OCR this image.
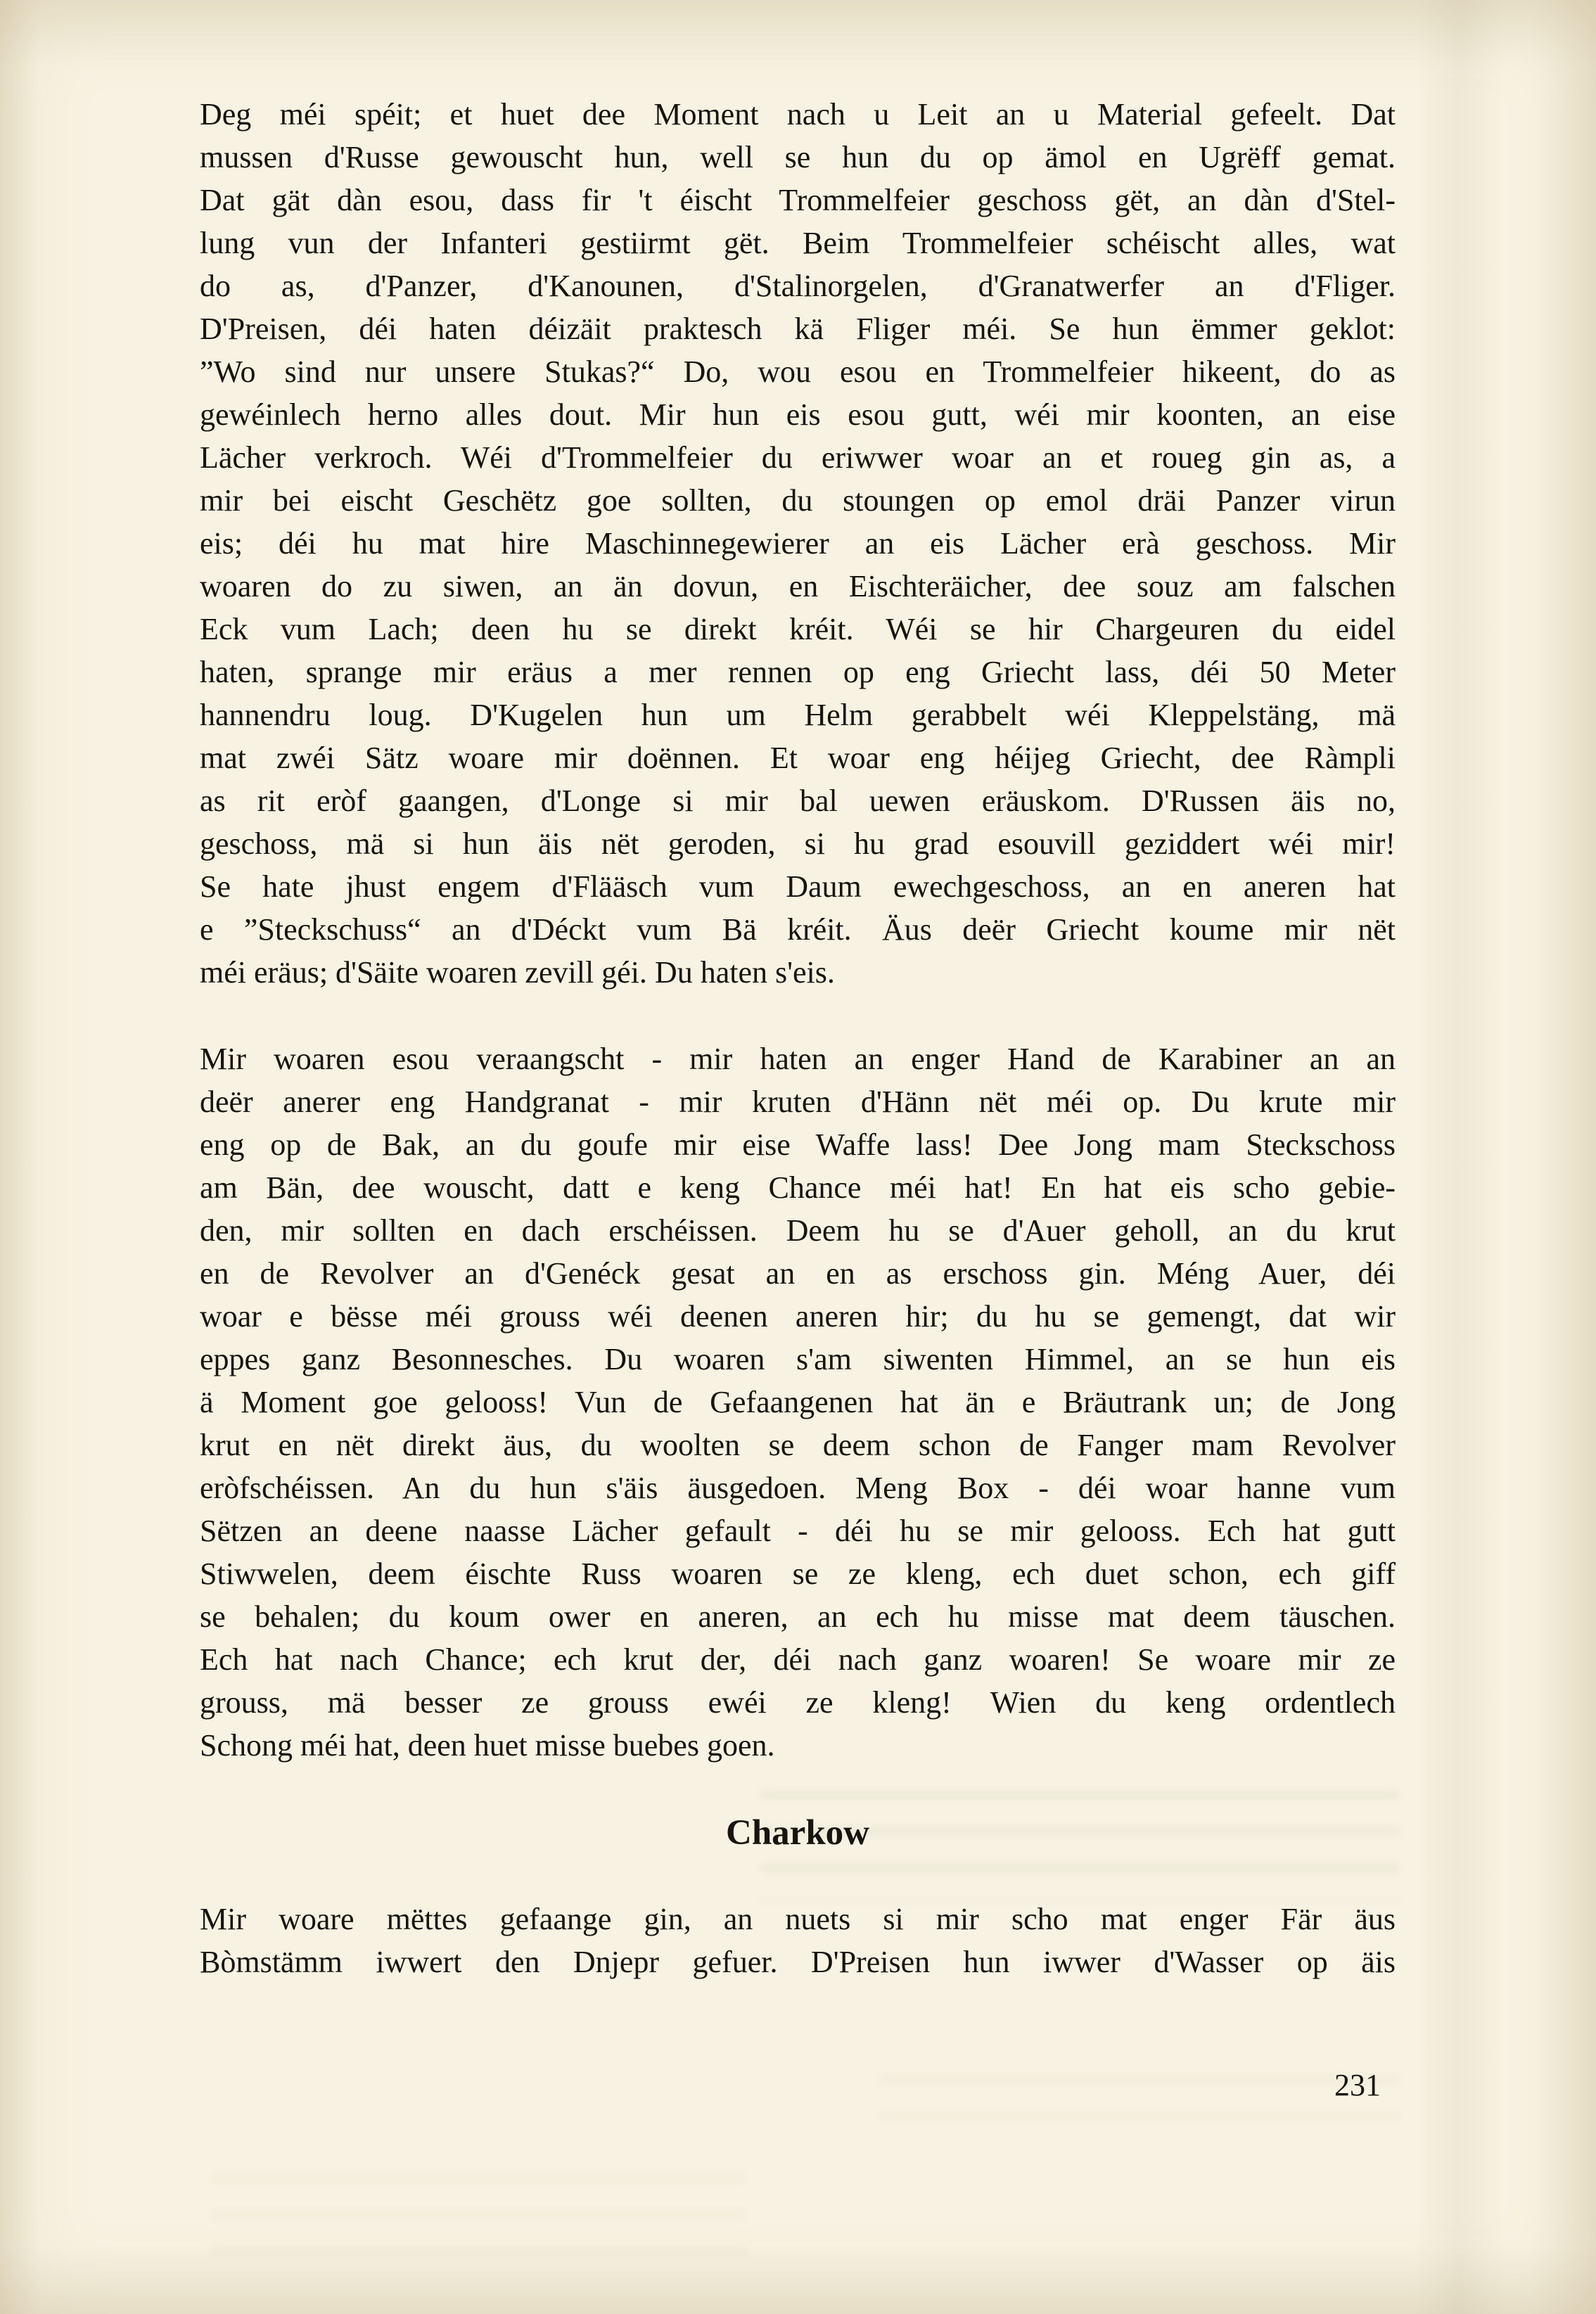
Deg méi spéit; et huet dee Moment nach u Leit an u Material gefeelt. Dat
mussen d'Russe gewouscht hun, well se hun du op ämol en Ugrëff gemat.
Dat gät dàn esou, dass fir 't éischt Trommelfeier geschoss gët, an dàn d'Stel-
lung vun der Infanteri gestiirmt gët. Beim Trommelfeier schéischt alles, wat
do as, d'Panzer, d'Kanounen, d'Stalinorgelen, d'Granatwerfer an d'Fliger.
D'Preisen, déi haten déizäit praktesch kä Fliger méi. Se hun ëmmer geklot:
”Wo sind nur unsere Stukas?“ Do, wou esou en Trommelfeier hikeent, do as
gewéinlech herno alles dout. Mir hun eis esou gutt, wéi mir koonten, an eise
Lächer verkroch. Wéi d'Trommelfeier du eriwwer woar an et roueg gin as, a
mir bei eischt Geschëtz goe sollten, du stoungen op emol dräi Panzer virun
eis; déi hu mat hire Maschinnegewierer an eis Lächer erà geschoss. Mir
woaren do zu siwen, an än dovun, en Eischteräicher, dee souz am falschen
Eck vum Lach; deen hu se direkt kréit. Wéi se hir Chargeuren du eidel
haten, sprange mir eräus a mer rennen op eng Griecht lass, déi 50 Meter
hannendru loug. D'Kugelen hun um Helm gerabbelt wéi Kleppelstäng, mä
mat zwéi Sätz woare mir doënnen. Et woar eng héijeg Griecht, dee Ràmpli
as rit eròf gaangen, d'Longe si mir bal uewen eräuskom. D'Russen äis no,
geschoss, mä si hun äis nët geroden, si hu grad esouvill geziddert wéi mir!
Se hate jhust engem d'Flääsch vum Daum ewechgeschoss, an en aneren hat
e ”Steckschuss“ an d'Déckt vum Bä kréit. Äus deër Griecht koume mir nët
méi eräus; d'Säite woaren zevill géi. Du haten s'eis.
Mir woaren esou veraangscht - mir haten an enger Hand de Karabiner an an
deër anerer eng Handgranat - mir kruten d'Hänn nët méi op. Du krute mir
eng op de Bak, an du goufe mir eise Waffe lass! Dee Jong mam Steckschoss
am Bän, dee wouscht, datt e keng Chance méi hat! En hat eis scho gebie-
den, mir sollten en dach erschéissen. Deem hu se d'Auer geholl, an du krut
en de Revolver an d'Genéck gesat an en as erschoss gin. Méng Auer, déi
woar e bësse méi grouss wéi deenen aneren hir; du hu se gemengt, dat wir
eppes ganz Besonnesches. Du woaren s'am siwenten Himmel, an se hun eis
ä Moment goe gelooss! Vun de Gefaangenen hat än e Bräutrank un; de Jong
krut en nët direkt äus, du woolten se deem schon de Fanger mam Revolver
eròfschéissen. An du hun s'äis äusgedoen. Meng Box - déi woar hanne vum
Sëtzen an deene naasse Lächer gefault - déi hu se mir gelooss. Ech hat gutt
Stiwwelen, deem éischte Russ woaren se ze kleng, ech duet schon, ech giff
se behalen; du koum ower en aneren, an ech hu misse mat deem täuschen.
Ech hat nach Chance; ech krut der, déi nach ganz woaren! Se woare mir ze
grouss, mä besser ze grouss ewéi ze kleng! Wien du keng ordentlech
Schong méi hat, deen huet misse buebes goen.
Charkow
Mir woare mëttes gefaange gin, an nuets si mir scho mat enger Fär äus
Bòmstämm iwwert den Dnjepr gefuer. D'Preisen hun iwwer d'Wasser op äis
231
